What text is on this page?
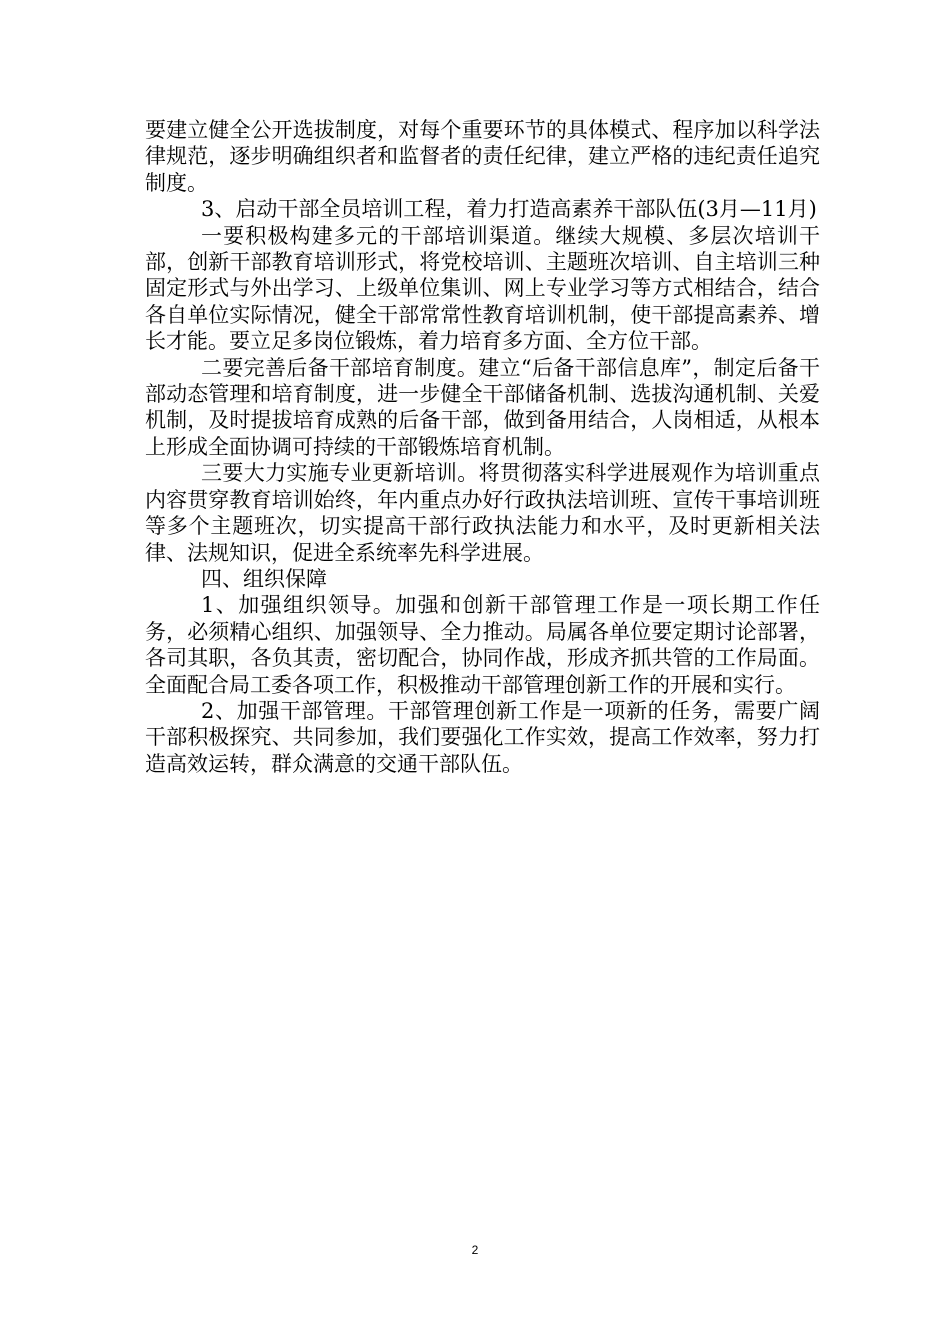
要建立健全公开选拔制度，对每个重要环节的具体模式、程序加以科学法律规范，逐步明确组织者和监督者的责任纪律，建立严格的违纪责任追究制度。

3、启动干部全员培训工程，着力打造高素养干部队伍(3月—11月)

一要积极构建多元的干部培训渠道。继续大规模、多层次培训干部，创新干部教育培训形式，将党校培训、主题班次培训、自主培训三种固定形式与外出学习、上级单位集训、网上专业学习等方式相结合，结合各自单位实际情况，健全干部常常性教育培训机制，使干部提高素养、增长才能。要立足多岗位锻炼，着力培育多方面、全方位干部。

二要完善后备干部培育制度。建立“后备干部信息库”，制定后备干部动态管理和培育制度，进一步健全干部储备机制、选拔沟通机制、关爱机制，及时提拔培育成熟的后备干部，做到备用结合，人岗相适，从根本上形成全面协调可持续的干部锻炼培育机制。

三要大力实施专业更新培训。将贯彻落实科学进展观作为培训重点内容贯穿教育培训始终，年内重点办好行政执法培训班、宣传干事培训班等多个主题班次，切实提高干部行政执法能力和水平，及时更新相关法律、法规知识，促进全系统率先科学进展。

四、组织保障

1、加强组织领导。加强和创新干部管理工作是一项长期工作任务，必须精心组织、加强领导、全力推动。局属各单位要定期讨论部署，各司其职，各负其责，密切配合，协同作战，形成齐抓共管的工作局面。全面配合局工委各项工作，积极推动干部管理创新工作的开展和实行。

2、加强干部管理。干部管理创新工作是一项新的任务，需要广阔干部积极探究、共同参加，我们要强化工作实效，提高工作效率，努力打造高效运转，群众满意的交通干部队伍。

2
